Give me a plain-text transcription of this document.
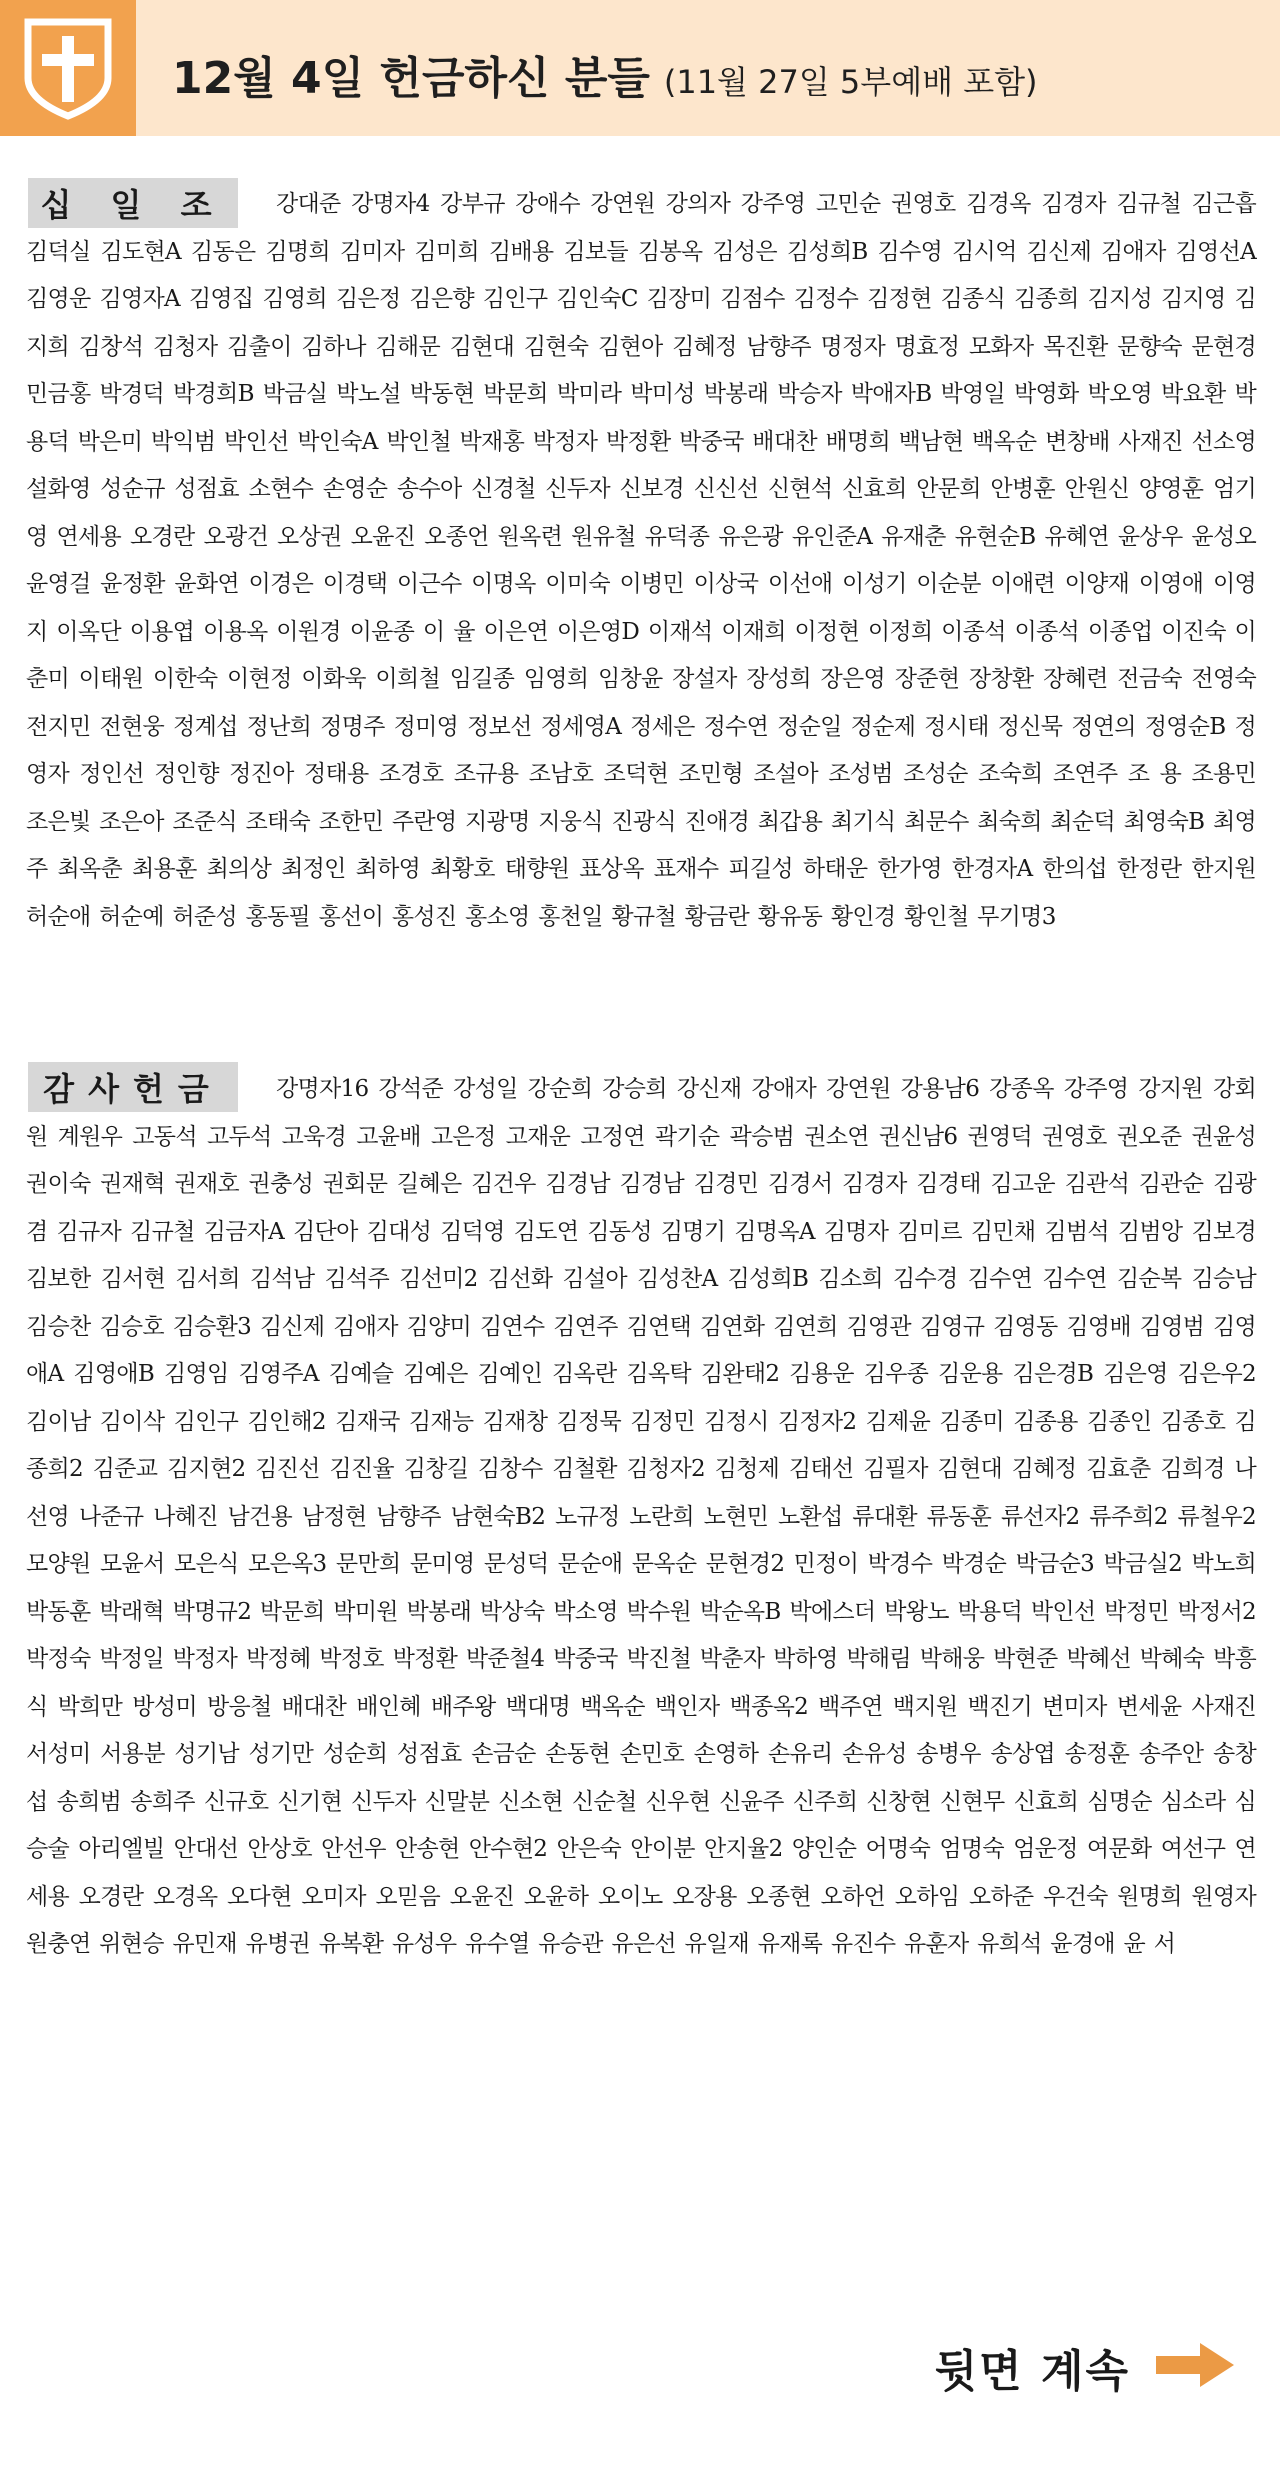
12월 4일 헌금하신 분들 (11월 27일 5부예배 포함)
십 일 조	강대준 강명자4 강부규 강애수 강연원 강의자 강주영 고민순 권영호 김경옥 김경자 김규철 김근흡 김덕실 김도현A 김동은 김명희 김미자 김미희 김배용 김보들 김봉옥 김성은 김성희B 김수영 김시억 김신제 김애자 김영선A 김영운 김영자A 김영집 김영희 김은정 김은향 김인구 김인숙C 김장미 김점수 김정수 김정현 김종식 김종희 김지성 김지영 김지희 김창석 김청자 김출이 김하나 김해문 김현대 김현숙 김현아 김혜정 남향주 명정자 명효정 모화자 목진환 문향숙 문현경 민금홍 박경덕 박경희B 박금실 박노설 박동현 박문희 박미라 박미성 박봉래 박승자 박애자B 박영일 박영화 박오영 박요환 박용덕 박은미 박익범 박인선 박인숙A 박인철 박재홍 박정자 박정환 박중국 배대찬 배명희 백남현 백옥순 변창배 사재진 선소영 설화영 성순규 성점효 소현수 손영순 송수아 신경철 신두자 신보경 신신선 신현석 신효희 안문희 안병훈 안원신 양영훈 엄기영 연세용 오경란 오광건 오상권 오윤진 오종언 원옥련 원유철 유덕종 유은광 유인준A 유재춘 유현순B 유혜연 윤상우 윤성오 윤영걸 윤정환 윤화연 이경은 이경택 이근수 이명옥 이미숙 이병민 이상국 이선애 이성기 이순분 이애련 이양재 이영애 이영지 이옥단 이용엽 이용옥 이원경 이윤종 이 율 이은연 이은영D 이재석 이재희 이정현 이정희 이종석 이종석 이종업 이진숙 이춘미 이태원 이한숙 이현정 이화욱 이희철 임길종 임영희 임창윤 장설자 장성희 장은영 장준현 장창환 장혜련 전금숙 전영숙 전지민 전현웅 정계섭 정난희 정명주 정미영 정보선 정세영A 정세은 정수연 정순일 정순제 정시태 정신묵 정연의 정영순B 정영자 정인선 정인향 정진아 정태용 조경호 조규용 조남호 조덕현 조민형 조설아 조성범 조성순 조숙희 조연주 조 용 조용민 조은빛 조은아 조준식 조태숙 조한민 주란영 지광명 지웅식 진광식 진애경 최갑용 최기식 최문수 최숙희 최순덕 최영숙B 최영주 최옥춘 최용훈 최의상 최정인 최하영 최황호 태향원 표상옥 표재수 피길성 하태운 한가영 한경자A 한의섭 한정란 한지원 허순애 허순예 허준성 홍동필 홍선이 홍성진 홍소영 홍천일 황규철 황금란 황유동 황인경 황인철 무기명3
감사헌금	강명자16 강석준 강성일 강순희 강승희 강신재 강애자 강연원 강용남6 강종옥 강주영 강지원 강회원 계원우 고동석 고두석 고욱경 고윤배 고은정 고재운 고정연 곽기순 곽승범 권소연 권신남6 권영덕 권영호 권오준 권윤성 권이숙 권재혁 권재호 권충성 권회문 길혜은 김건우 김경남 김경남 김경민 김경서 김경자 김경태 김고운 김관석 김관순 김광겸 김규자 김규철 김금자A 김단아 김대성 김덕영 김도연 김동성 김명기 김명옥A 김명자 김미르 김민채 김범석 김범앙 김보경 김보한 김서현 김서희 김석남 김석주 김선미2 김선화 김설아 김성찬A 김성희B 김소희 김수경 김수연 김수연 김순복 김승남 김승찬 김승호 김승환3 김신제 김애자 김양미 김연수 김연주 김연택 김연화 김연희 김영관 김영규 김영동 김영배 김영범 김영애A 김영애B 김영임 김영주A 김예슬 김예은 김예인 김옥란 김옥탁 김완태2 김용운 김우종 김운용 김은경B 김은영 김은우2 김이남 김이삭 김인구 김인해2 김재국 김재능 김재창 김정묵 김정민 김정시 김정자2 김제윤 김종미 김종용 김종인 김종호 김종희2 김준교 김지현2 김진선 김진율 김창길 김창수 김철환 김청자2 김청제 김태선 김필자 김현대 김혜정 김효춘 김희경 나선영 나준규 나혜진 남건용 남정현 남향주 남현숙B2 노규정 노란희 노현민 노환섭 류대환 류동훈 류선자2 류주희2 류철우2 모양원 모윤서 모은식 모은옥3 문만희 문미영 문성덕 문순애 문옥순 문현경2 민정이 박경수 박경순 박금순3 박금실2 박노희 박동훈 박래혁 박명규2 박문희 박미원 박봉래 박상숙 박소영 박수원 박순옥B 박에스더 박왕노 박용덕 박인선 박정민 박정서2 박정숙 박정일 박정자 박정혜 박정호 박정환 박준철4 박중국 박진철 박춘자 박하영 박해림 박해웅 박현준 박혜선 박혜숙 박흥식 박희만 방성미 방응철 배대찬 배인혜 배주왕 백대명 백옥순 백인자 백종옥2 백주연 백지원 백진기 변미자 변세윤 사재진 서성미 서용분 성기남 성기만 성순희 성점효 손금순 손동현 손민호 손영하 손유리 손유성 송병우 송상엽 송정훈 송주안 송창섭 송희범 송희주 신규호 신기현 신두자 신말분 신소현 신순철 신우현 신윤주 신주희 신창현 신현무 신효희 심명순 심소라 심승술 아리엘빌 안대선 안상호 안선우 안송현 안수현2 안은숙 안이분 안지율2 양인순 어명숙 엄명숙 엄운정 여문화 여선구 연세용 오경란 오경옥 오다현 오미자 오믿음 오윤진 오윤하 오이노 오장용 오종현 오하언 오하임 오하준 우건숙 원명희 원영자 원충연 위현승 유민재 유병권 유복환 유성우 유수열 유승관 유은선 유일재 유재록 유진수 유훈자 유희석 윤경애 윤 서
뒷면 계속
